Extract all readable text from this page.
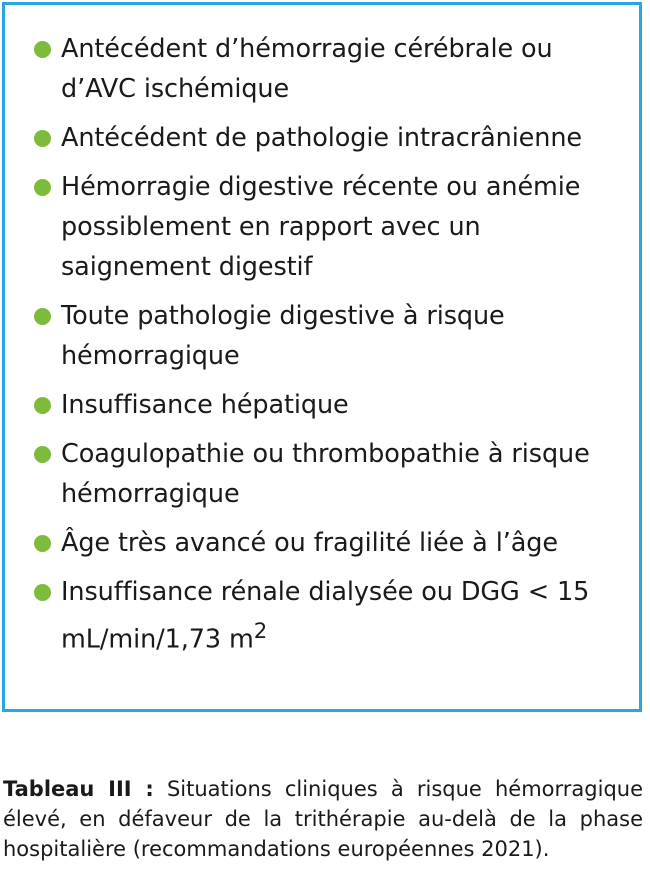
Antécédent d’hémorragie cérébrale ou d’AVC ischémique
Antécédent de pathologie intracrânienne
Hémorragie digestive récente ou anémie possiblement en rapport avec un saignement digestif
Toute pathologie digestive à risque hémorragique
Insuffisance hépatique
Coagulopathie ou thrombopathie à risque hémorragique
Âge très avancé ou fragilité liée à l’âge
Insuffisance rénale dialysée ou DGG < 15 mL/min/1,73 $m^2$

Tableau III : Situations cliniques à risque hémorragique élevé, en défaveur de la trithérapie au-delà de la phase hospitalière (recommandations européennes 2021).
